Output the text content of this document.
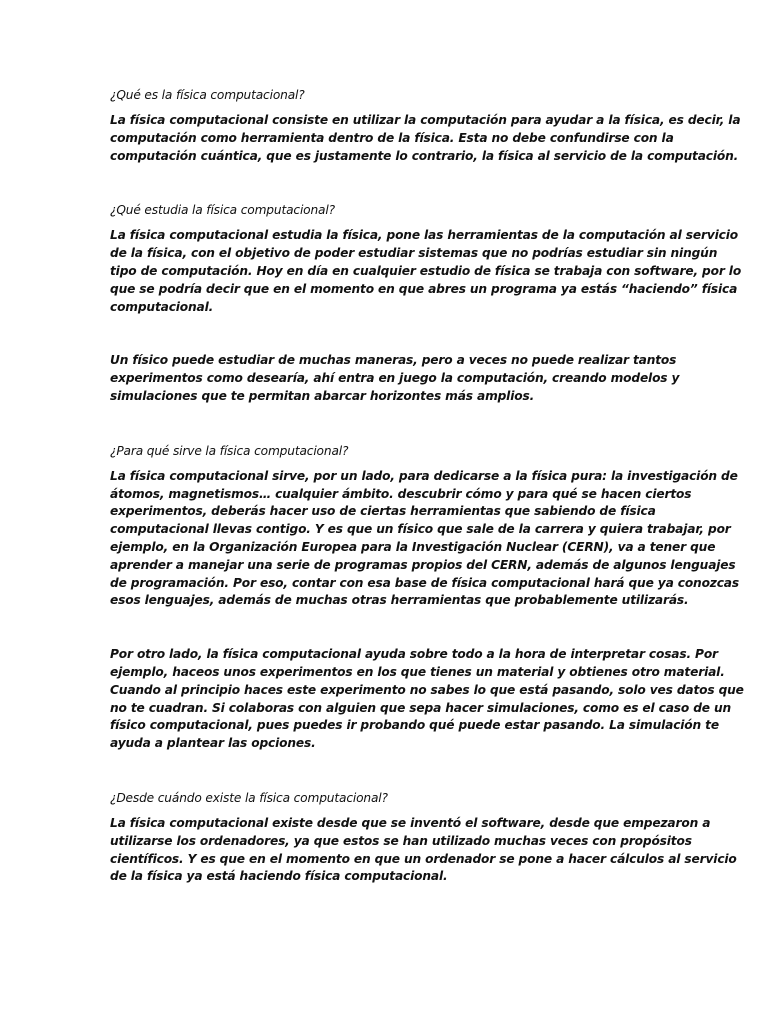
¿Qué es la física computacional?

La física computacional consiste en utilizar la computación para ayudar a la física, es decir, la
computación como herramienta dentro de la física. Esta no debe confundirse con la
computación cuántica, que es justamente lo contrario, la física al servicio de la computación.

¿Qué estudia la física computacional?

La física computacional estudia la física, pone las herramientas de la computación al servicio
de la física, con el objetivo de poder estudiar sistemas que no podrías estudiar sin ningún
tipo de computación. Hoy en día en cualquier estudio de física se trabaja con software, por lo
que se podría decir que en el momento en que abres un programa ya estás “haciendo” física
computacional.

Un físico puede estudiar de muchas maneras, pero a veces no puede realizar tantos
experimentos como desearía, ahí entra en juego la computación, creando modelos y
simulaciones que te permitan abarcar horizontes más amplios.

¿Para qué sirve la física computacional?

La física computacional sirve, por un lado, para dedicarse a la física pura: la investigación de
átomos, magnetismos… cualquier ámbito. descubrir cómo y para qué se hacen ciertos
experimentos, deberás hacer uso de ciertas herramientas que sabiendo de física
computacional llevas contigo. Y es que un físico que sale de la carrera y quiera trabajar, por
ejemplo, en la Organización Europea para la Investigación Nuclear (CERN), va a tener que
aprender a manejar una serie de programas propios del CERN, además de algunos lenguajes
de programación. Por eso, contar con esa base de física computacional hará que ya conozcas
esos lenguajes, además de muchas otras herramientas que probablemente utilizarás.

Por otro lado, la física computacional ayuda sobre todo a la hora de interpretar cosas. Por
ejemplo, haceos unos experimentos en los que tienes un material y obtienes otro material.
Cuando al principio haces este experimento no sabes lo que está pasando, solo ves datos que
no te cuadran. Si colaboras con alguien que sepa hacer simulaciones, como es el caso de un
físico computacional, pues puedes ir probando qué puede estar pasando. La simulación te
ayuda a plantear las opciones.

¿Desde cuándo existe la física computacional?

La física computacional existe desde que se inventó el software, desde que empezaron a
utilizarse los ordenadores, ya que estos se han utilizado muchas veces con propósitos
científicos. Y es que en el momento en que un ordenador se pone a hacer cálculos al servicio
de la física ya está haciendo física computacional.
